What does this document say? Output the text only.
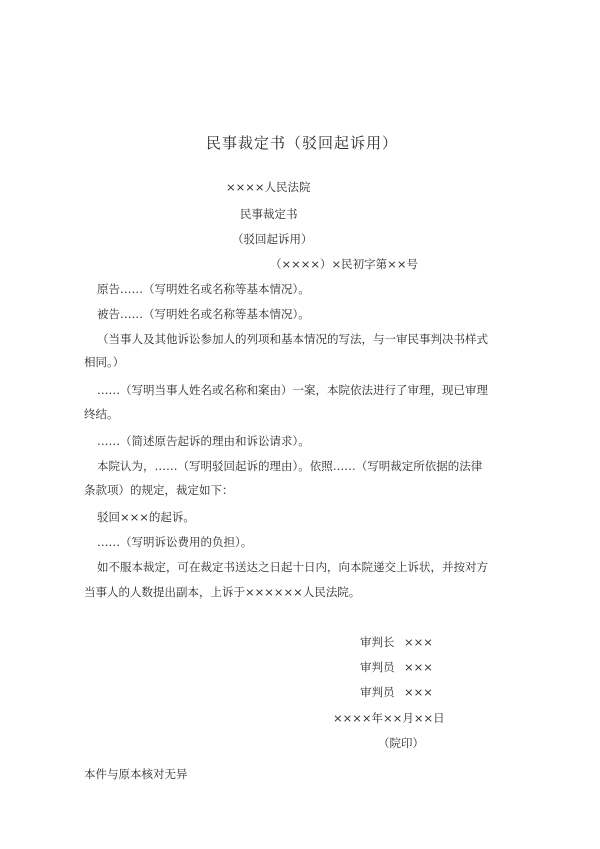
民事裁定书（驳回起诉用）
××××人民法院
民事裁定书
（驳回起诉用）
（××××）×民初字第××号
原告……（写明姓名或名称等基本情况）。
被告……（写明姓名或名称等基本情况）。
（当事人及其他诉讼参加人的列项和基本情况的写法，与一审民事判决书样式
相同。）
……（写明当事人姓名或名称和案由）一案，本院依法进行了审理，现已审理
终结。
……（简述原告起诉的理由和诉讼请求）。
本院认为，……（写明驳回起诉的理由）。依照……（写明裁定所依据的法律
条款项）的规定，裁定如下：
驳回×××的起诉。
……（写明诉讼费用的负担）。
如不服本裁定，可在裁定书送达之日起十日内，向本院递交上诉状，并按对方
当事人的人数提出副本，上诉于××××××人民法院。
审判长 ×××
审判员 ×××
审判员 ×××
××××年××月××日
（院印）
本件与原本核对无异
